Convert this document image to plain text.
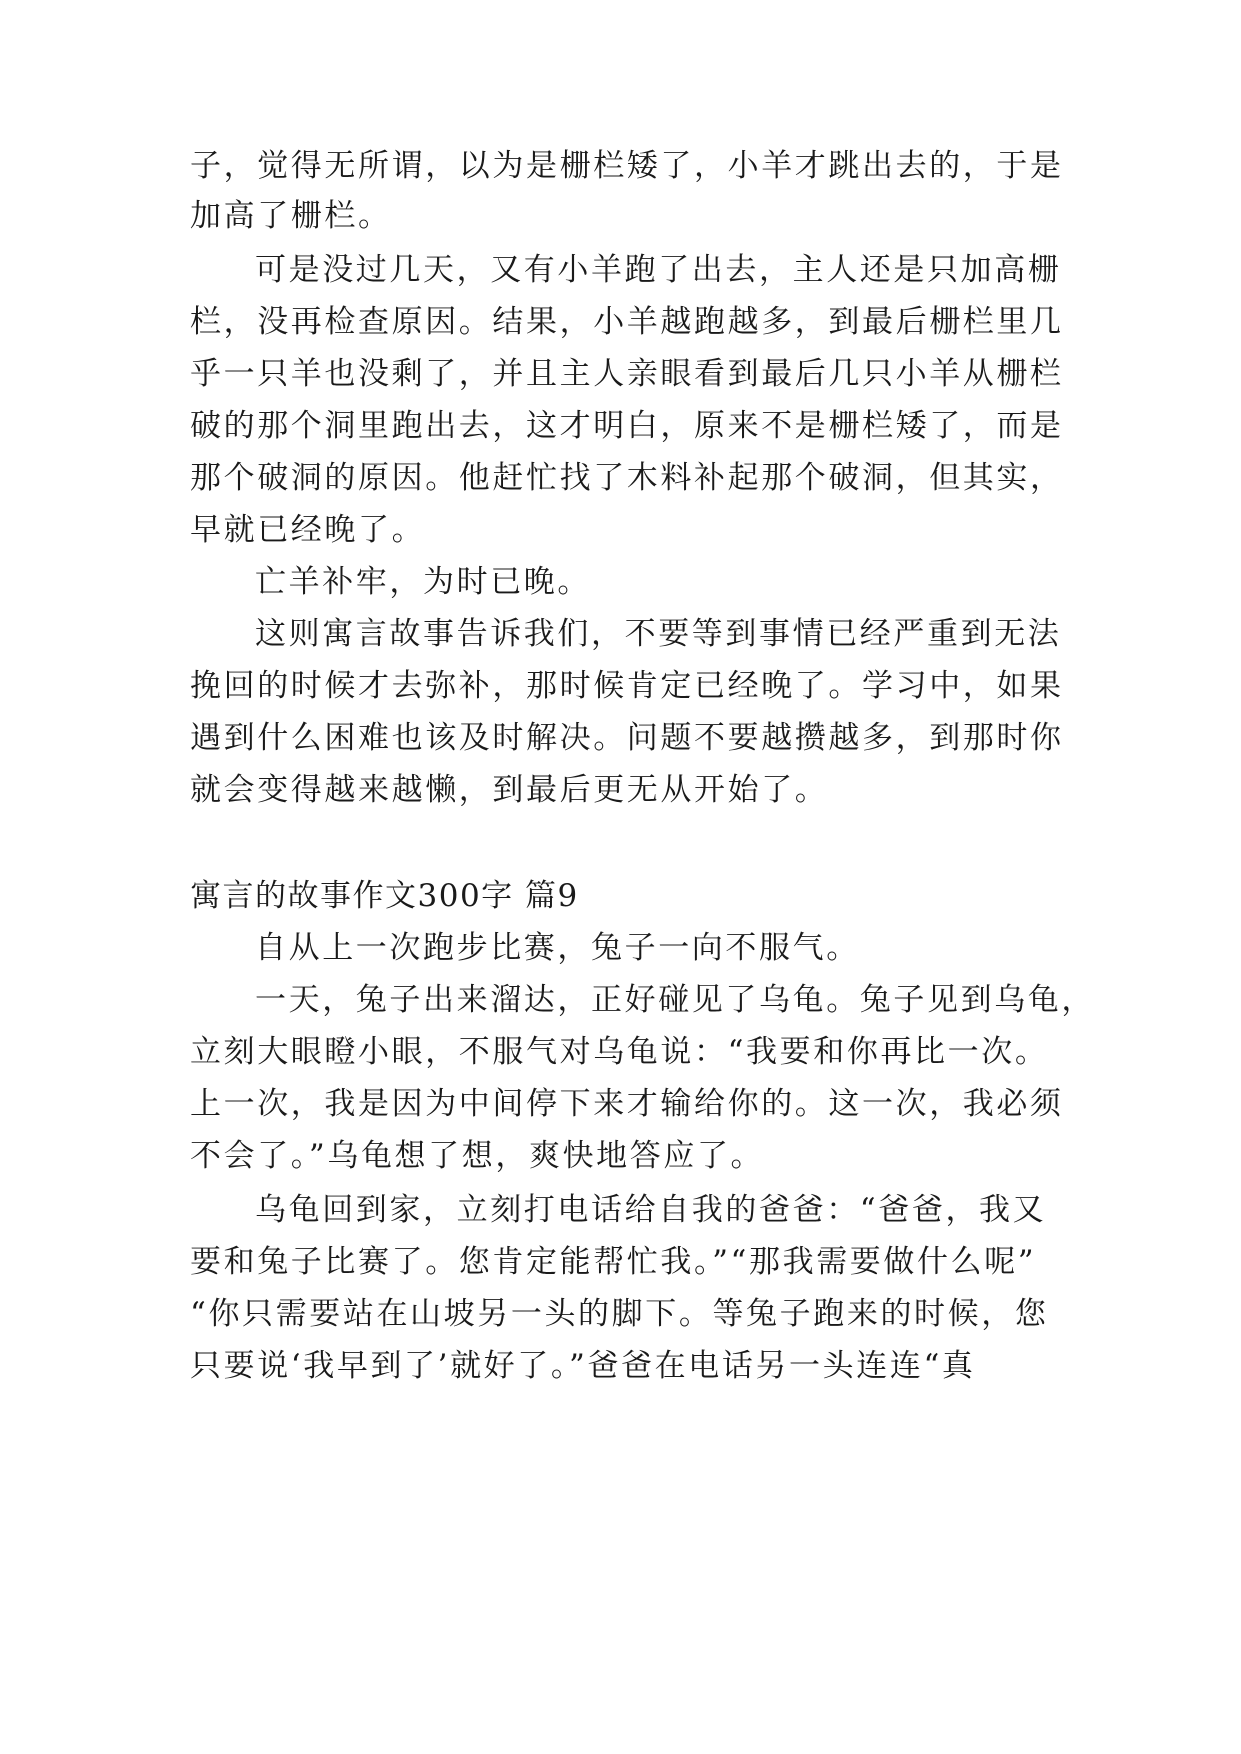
子，觉得无所谓，以为是栅栏矮了，小羊才跳出去的，于是
加高了栅栏。
可是没过几天，又有小羊跑了出去，主人还是只加高栅
栏，没再检查原因。结果，小羊越跑越多，到最后栅栏里几
乎一只羊也没剩了，并且主人亲眼看到最后几只小羊从栅栏
破的那个洞里跑出去，这才明白，原来不是栅栏矮了，而是
那个破洞的原因。他赶忙找了木料补起那个破洞，但其实，
早就已经晚了。
亡羊补牢，为时已晚。
这则寓言故事告诉我们，不要等到事情已经严重到无法
挽回的时候才去弥补，那时候肯定已经晚了。学习中，如果
遇到什么困难也该及时解决。问题不要越攒越多，到那时你
就会变得越来越懒，到最后更无从开始了。
寓言的故事作文300字 篇9
自从上一次跑步比赛，兔子一向不服气。
一天，兔子出来溜达，正好碰见了乌龟。兔子见到乌龟，
立刻大眼瞪小眼，不服气对乌龟说：“我要和你再比一次。
上一次，我是因为中间停下来才输给你的。这一次，我必须
不会了。”乌龟想了想，爽快地答应了。
乌龟回到家，立刻打电话给自我的爸爸：“爸爸，我又
要和兔子比赛了。您肯定能帮忙我。”“那我需要做什么呢”
“你只需要站在山坡另一头的脚下。等兔子跑来的时候，您
只要说‘我早到了’就好了。”爸爸在电话另一头连连“真
